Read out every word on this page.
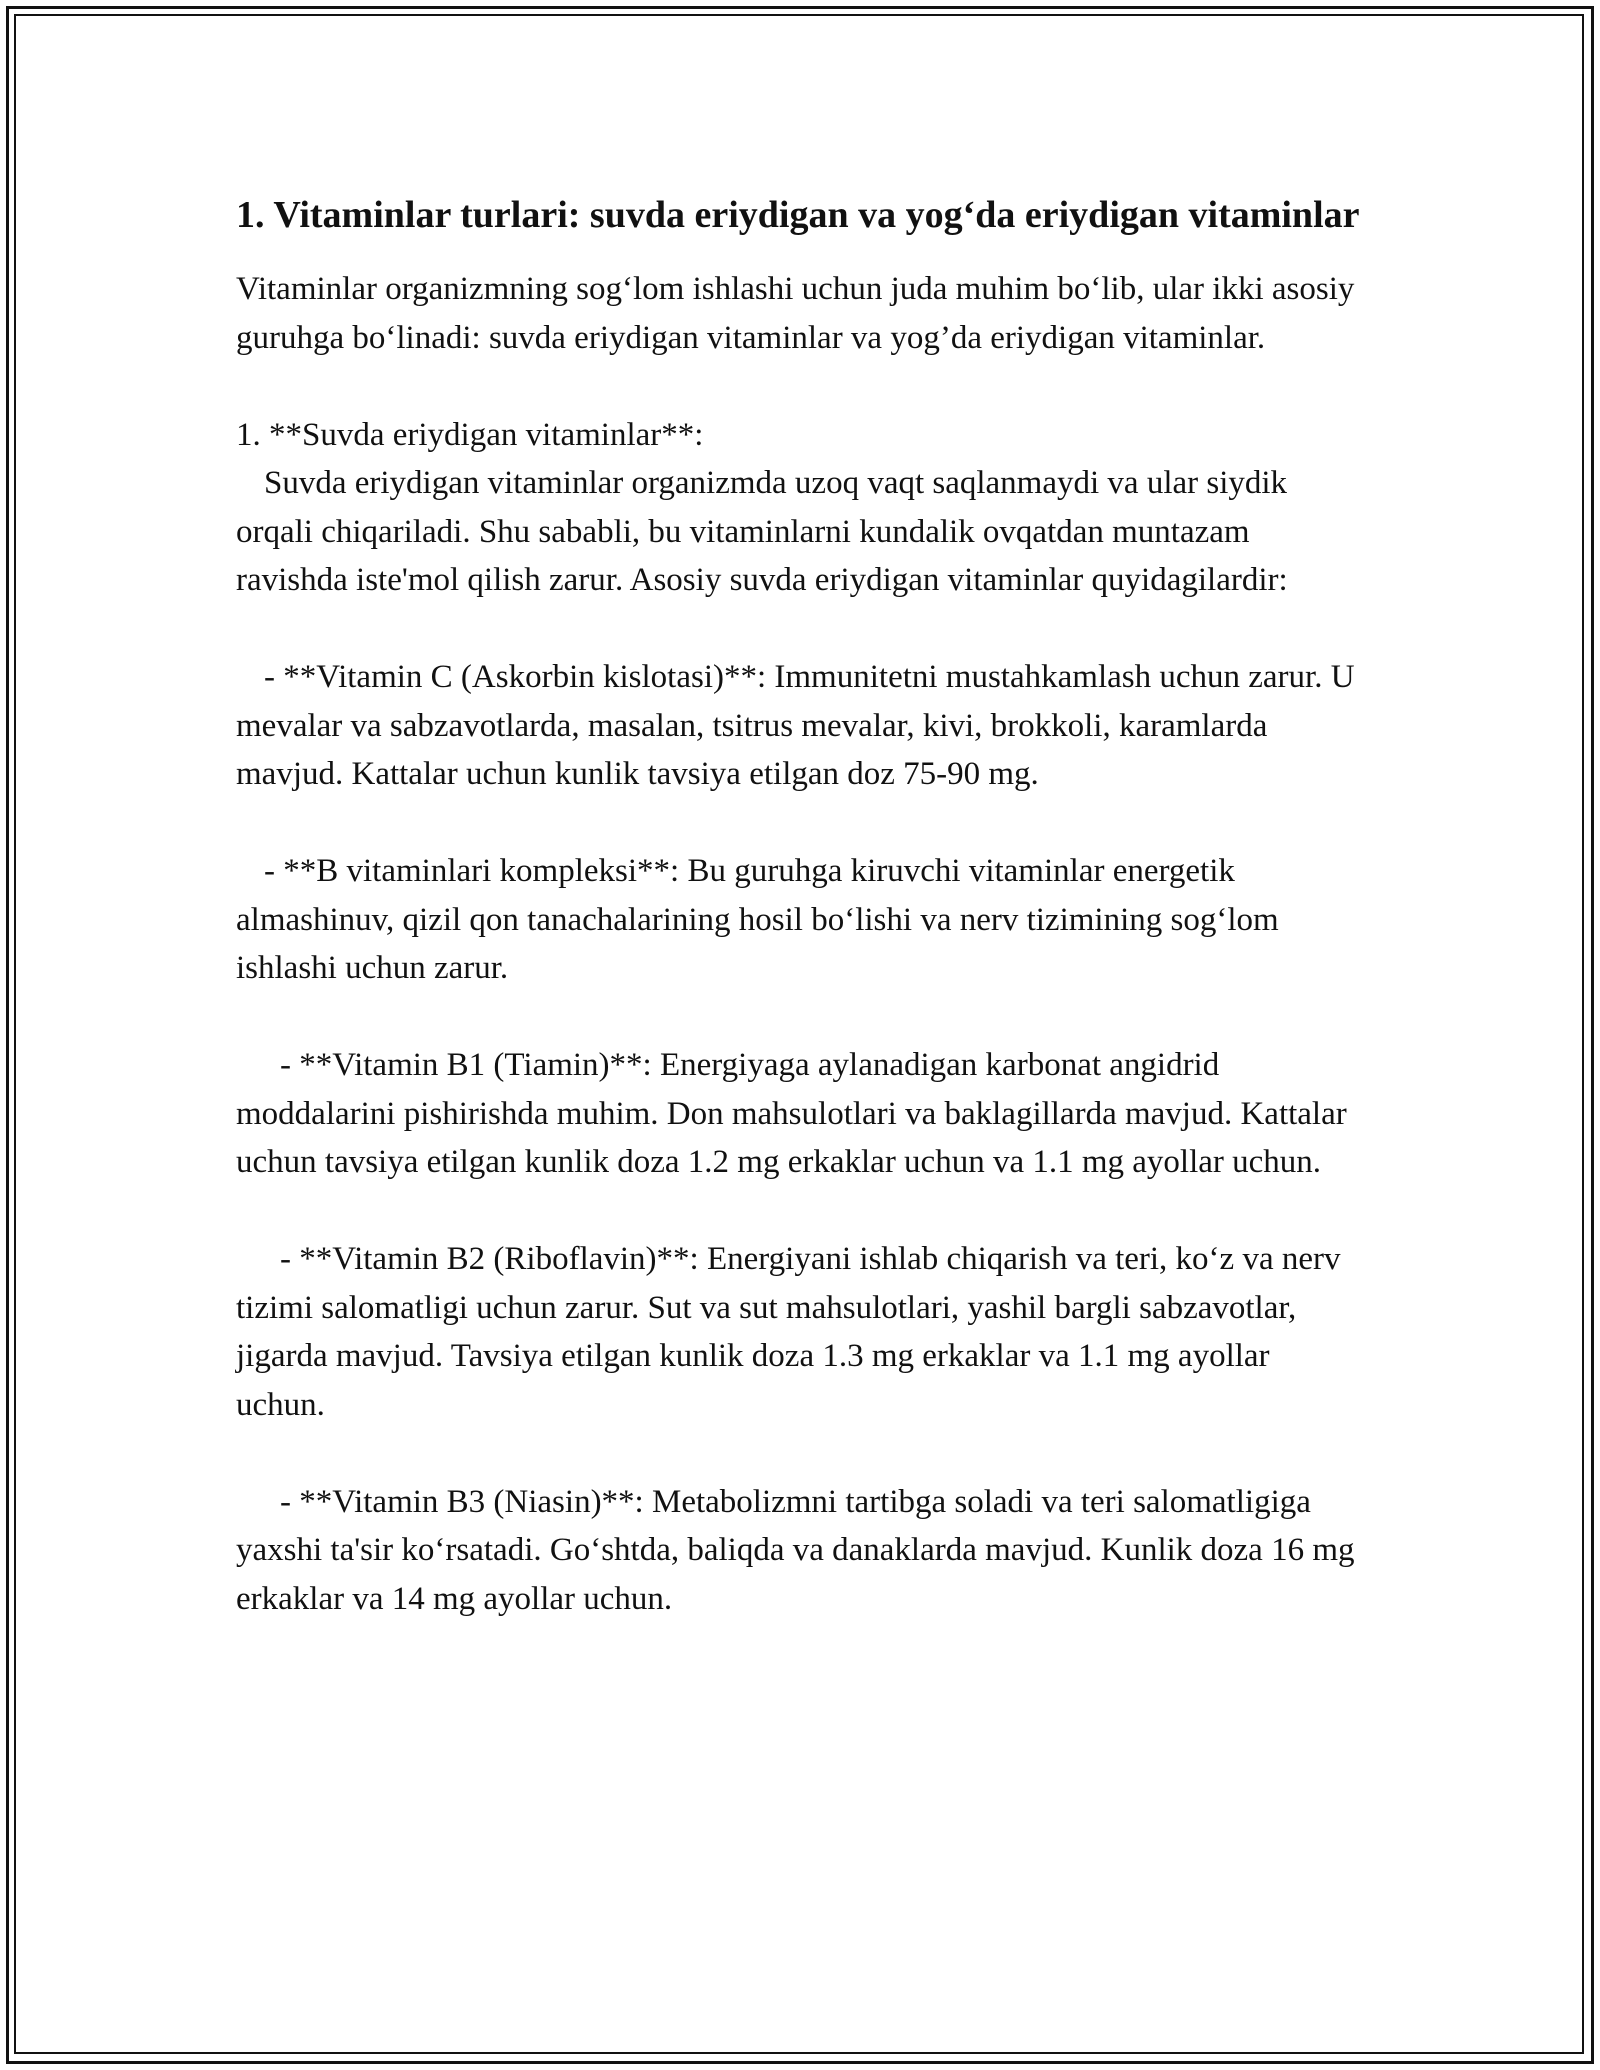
1. Vitaminlar turlari: suvda eriydigan va yog‘da eriydigan vitaminlar

Vitaminlar organizmning sog‘lom ishlashi uchun juda muhim bo‘lib, ular ikki asosiy guruhga bo‘linadi: suvda eriydigan vitaminlar va yog’da eriydigan vitaminlar.

1. **Suvda eriydigan vitaminlar**:

Suvda eriydigan vitaminlar organizmda uzoq vaqt saqlanmaydi va ular siydik orqali chiqariladi. Shu sababli, bu vitaminlarni kundalik ovqatdan muntazam ravishda iste'mol qilish zarur. Asosiy suvda eriydigan vitaminlar quyidagilardir:

- **Vitamin C (Askorbin kislotasi)**: Immunitetni mustahkamlash uchun zarur. U mevalar va sabzavotlarda, masalan, tsitrus mevalar, kivi, brokkoli, karamlarda mavjud. Kattalar uchun kunlik tavsiya etilgan doz 75-90 mg.

- **B vitaminlari kompleksi**: Bu guruhga kiruvchi vitaminlar energetik almashinuv, qizil qon tanachalarining hosil bo‘lishi va nerv tizimining sog‘lom ishlashi uchun zarur.

- **Vitamin B1 (Tiamin)**: Energiyaga aylanadigan karbonat angidrid moddalarini pishirishda muhim. Don mahsulotlari va baklagillarda mavjud. Kattalar uchun tavsiya etilgan kunlik doza 1.2 mg erkaklar uchun va 1.1 mg ayollar uchun.

- **Vitamin B2 (Riboflavin)**: Energiyani ishlab chiqarish va teri, ko‘z va nerv tizimi salomatligi uchun zarur. Sut va sut mahsulotlari, yashil bargli sabzavotlar, jigarda mavjud. Tavsiya etilgan kunlik doza 1.3 mg erkaklar va 1.1 mg ayollar uchun.

- **Vitamin B3 (Niasin)**: Metabolizmni tartibga soladi va teri salomatligiga yaxshi ta'sir ko‘rsatadi. Go‘shtda, baliqda va danaklarda mavjud. Kunlik doza 16 mg erkaklar va 14 mg ayollar uchun.
